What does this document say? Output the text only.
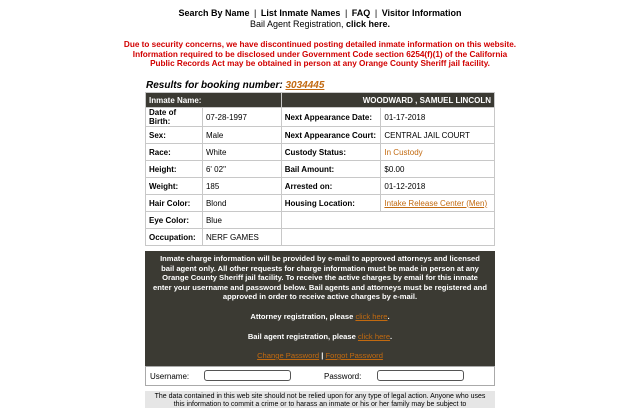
Search By Name | List Inmate Names | FAQ | Visitor Information
Bail Agent Registration, click here.
Due to security concerns, we have discontinued posting detailed inmate information on this website. Information required to be disclosed under Government Code section 6254(f)(1) of the California Public Records Act may be obtained in person at any Orange County Sheriff jail facility.
Results for booking number: 3034445
Inmate Name:		WOODWARD , SAMUEL LINCOLN	
Date of Birth:	07-28-1997	Next Appearance Date:	01-17-2018
Sex:	Male	Next Appearance Court:	CENTRAL JAIL COURT
Race:	White	Custody Status:	In Custody
Height:	6' 02"	Bail Amount:	$0.00
Weight:	185	Arrested on:	01-12-2018
Hair Color:	Blond	Housing Location:	Intake Release Center (Men)
Eye Color:	Blue		
Occupation:	NERF GAMES		

Inmate charge information will be provided by e-mail to approved attorneys and licensed bail agent only. All other requests for charge information must be made in person at any Orange County Sheriff jail facility. To receive the active charges by email for this inmate enter your username and password below. Bail agents and attorneys must be registered and approved in order to receive active charges by e-mail.

Attorney registration, please click here.
Bail agent registration, please click here.
Change Password | Forgot Password
Username:	Password:
The data contained in this web site should not be relied upon for any type of legal action. Anyone who uses this information to commit a crime or to harass an inmate or his or her family may be subject to
